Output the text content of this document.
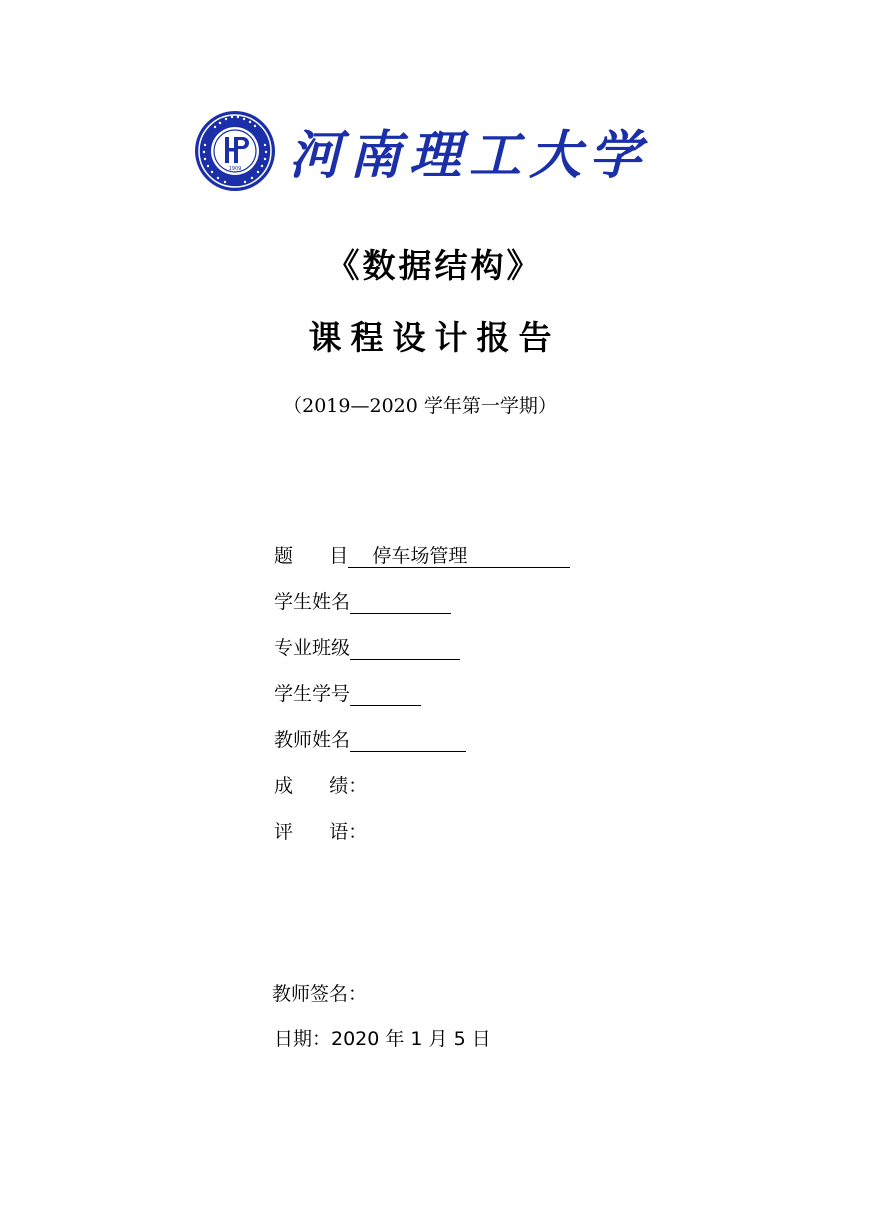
1909 河南理工大学
《数据结构》
课程设计报告
（2019—2020 学年第一学期）
题      目 停车场管理
学生姓名
专业班级
学生学号
教师姓名
成      绩：
评      语：
教师签名：
日期：2020 年 1 月 5 日
